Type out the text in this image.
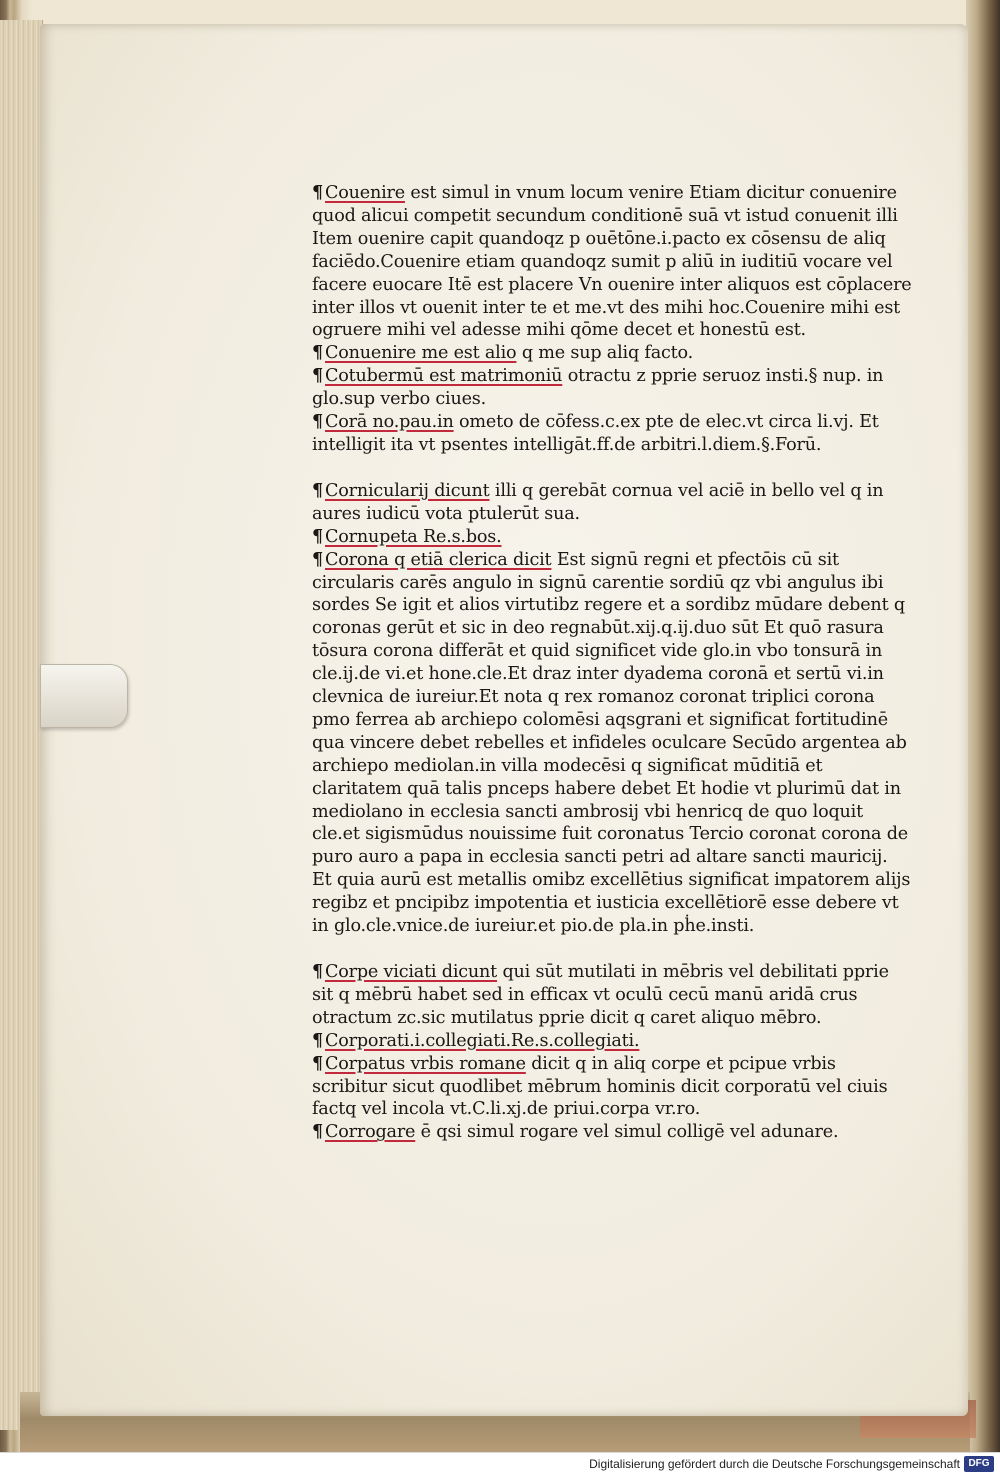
¶ Couenire est simul in vnum locum venire Etiam dicitur conuenire quod alicui competit secundum conditionē suā vt istud conuenit illi Item ouenire capit quandoqz p ouētōne.i.pacto ex cōsensu de aliq faciēdo.Couenire etiam quandoqz sumit p aliū in iuditiū vocare vel facere euocare Itē est placere Vn ouenire inter aliquos est cōplacere inter illos vt ouenit inter te et me.vt des mihi hoc.Couenire mihi est ogruere mihi vel adesse mihi qōme decet et honestū est.

¶ Conuenire me est alio q me sup aliq facto.

¶ Cotubermū est matrimoniū otractu z pprie seruoz insti.§ nup. in glo.sup verbo ciues.

¶ Corā no.pau.in ometo de cōfess.c.ex pte de elec.vt circa li.vj. Et intelligit ita vt psentes intelligāt.ff.de arbitri.l.diem.§.Forū.

¶ Cornicularij dicunt illi q gerebāt cornua vel aciē in bello vel q in aures iudicū vota ptulerūt sua.

¶ Cornupeta Re.s.bos.

¶ Corona q etiā clerica dicit Est signū regni et pfectōis cū sit circularis carēs angulo in signū carentie sordiū qz vbi angulus ibi sordes Se igit et alios virtutibz regere et a sordibz mūdare debent q coronas gerūt et sic in deo regnabūt.xij.q.ij.duo sūt Et quō rasura tōsura corona differāt et quid significet vide glo.in vbo tonsurā in cle.ij.de vi.et hone.cle.Et draz inter dyadema coronā et sertū vi.in clevnica de iureiur.Et nota q rex romanoz coronat triplici corona pmo ferrea ab archiepo colomēsi aqsgrani et significat fortitudinē qua vincere debet rebelles et infideles oculcare Secūdo argentea ab archiepo mediolan.in villa modecēsi q significat mūditiā et claritatem quā talis pnceps habere debet Et hodie vt plurimū dat in mediolano in ecclesia sancti ambrosij vbi henricq de quo loquit cle.et sigismūdus nouissime fuit coronatus Tercio coronat corona de puro auro a papa in ecclesia sancti petri ad altare sancti mauricij. Et quia aurū est metallis omibz excellētius significat impatorem alijs regibz et pncipibz impotentia et iusticia excellētiorē esse debere vt in glo.cle.vnice.de iureiur.et pio.de pla.in pḣe.insti.

¶ Corpe viciati dicunt qui sūt mutilati in mēbris vel debilitati pprie sit q mēbrū habet sed in efficax vt oculū cecū manū aridā crus otractum zc.sic mutilatus pprie dicit q caret aliquo mēbro.

¶ Corporati.i.collegiati.Re.s.collegiati.

¶ Corpatus vrbis romane dicit q in aliq corpe et pcipue vrbis scribitur sicut quodlibet mēbrum hominis dicit corporatū vel ciuis factq vel incola vt.C.li.xj.de priui.corpa vr.ro.

¶ Corrogare ē qsi simul rogare vel simul colligē vel adunare.

Digitalisierung gefördert durch die Deutsche Forschungsgemeinschaft DFG
